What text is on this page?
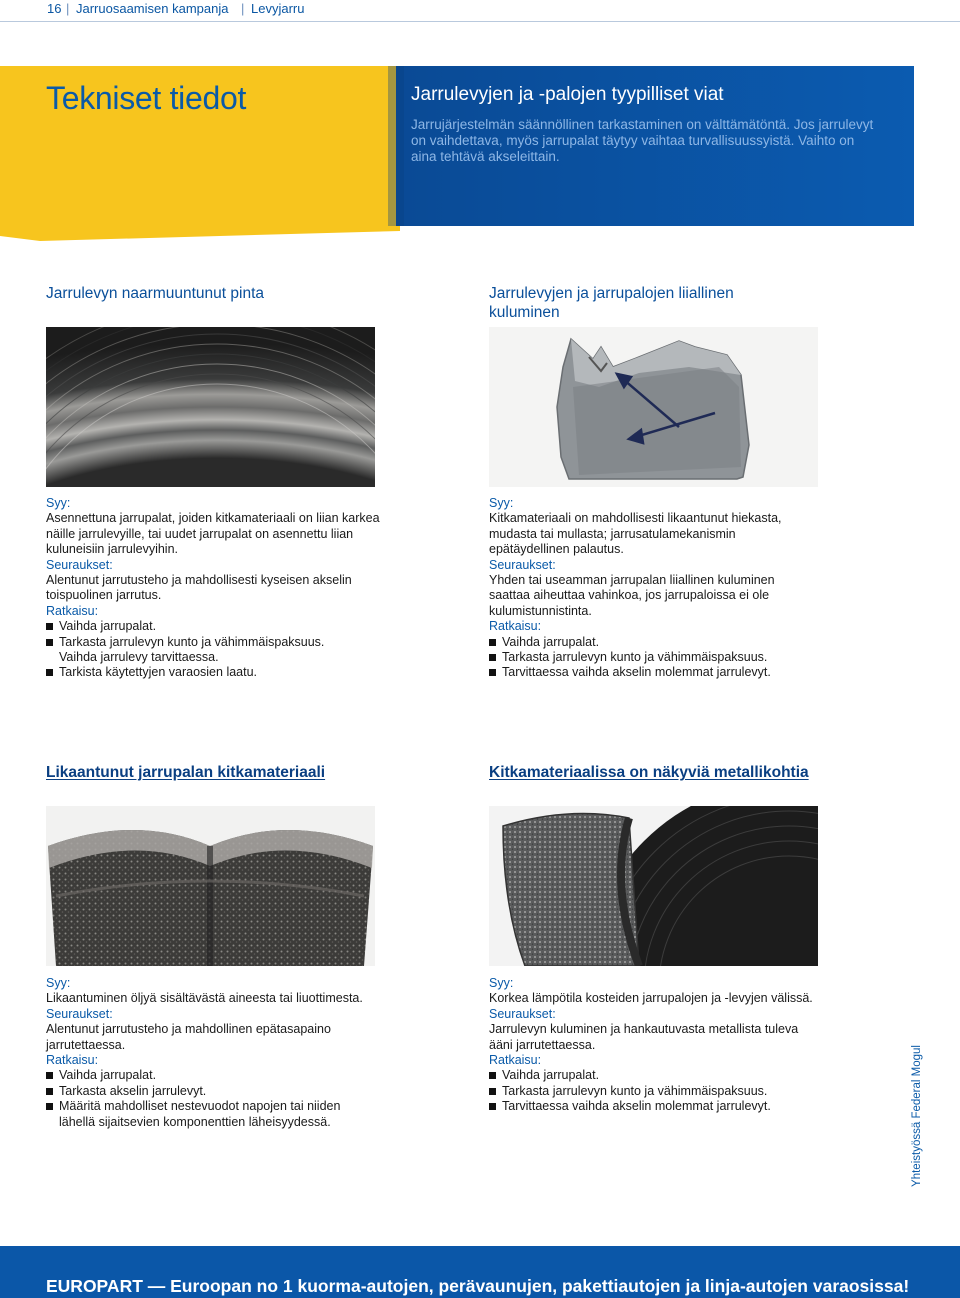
16 | Jarruosaamisen kampanja | Levyjarru
Tekniset tiedot	Jarrulevyjen ja -palojen tyypilliset viat
Jarrujärjestelmän säännöllinen tarkastaminen on välttämätöntä. Jos jarrulevyt on vaihdettava, myös jarrupalat täytyy vaihtaa turvallisuussyistä. Vaihto on aina tehtävä akseleittain.
Jarrulevyn naarmuuntunut pinta

Syy:

Asennettuna jarrupalat, joiden kitkamateriaali on liian karkea näille jarrulevyille, tai uudet jarrupalat on asennettu liian kuluneisiin jarrulevyihin.

Seuraukset:

Alentunut jarrutusteho ja mahdollisesti kyseisen akselin toispuolinen jarrutus.

Ratkaisu:

Vaihda jarrupalat.
Tarkasta jarrulevyn kunto ja vähimmäispaksuus. Vaihda jarrulevy tarvittaessa.
Tarkista käytettyjen varaosien laatu.
Jarrulevyjen ja jarrupalojen liiallinen kuluminen

Syy:

Kitkamateriaali on mahdollisesti likaantunut hiekasta, mudasta tai mullasta; jarrusatulamekanismin epätäydellinen palautus.

Seuraukset:

Yhden tai useamman jarrupalan liiallinen kuluminen saattaa aiheuttaa vahinkoa, jos jarrupaloissa ei ole kulumistunnistinta.

Ratkaisu:

Vaihda jarrupalat.
Tarkasta jarrulevyn kunto ja vähimmäispaksuus.
Tarvittaessa vaihda akselin molemmat jarrulevyt.
Likaantunut jarrupalan kitkamateriaali

Syy:

Likaantuminen öljyä sisältävästä aineesta tai liuottimesta.

Seuraukset:

Alentunut jarrutusteho ja mahdollinen epätasapaino jarrutettaessa.

Ratkaisu:

Vaihda jarrupalat.
Tarkasta akselin jarrulevyt.
Määritä mahdolliset nestevuodot napojen tai niiden lähellä sijaitsevien komponenttien läheisyydessä.
Kitkamateriaalissa on näkyviä metallikohtia

Syy:

Korkea lämpötila kosteiden jarrupalojen ja -levyjen välissä.

Seuraukset:

Jarrulevyn kuluminen ja hankautuvasta metallista tuleva ääni jarrutettaessa.

Ratkaisu:

Vaihda jarrupalat.
Tarkasta jarrulevyn kunto ja vähimmäispaksuus.
Tarvittaessa vaihda akselin molemmat jarrulevyt.	Yhteistyössä Federal Mogul
EUROPART — Euroopan no 1 kuorma-autojen, perävaunujen, pakettiautojen ja linja-autojen varaosissa!
